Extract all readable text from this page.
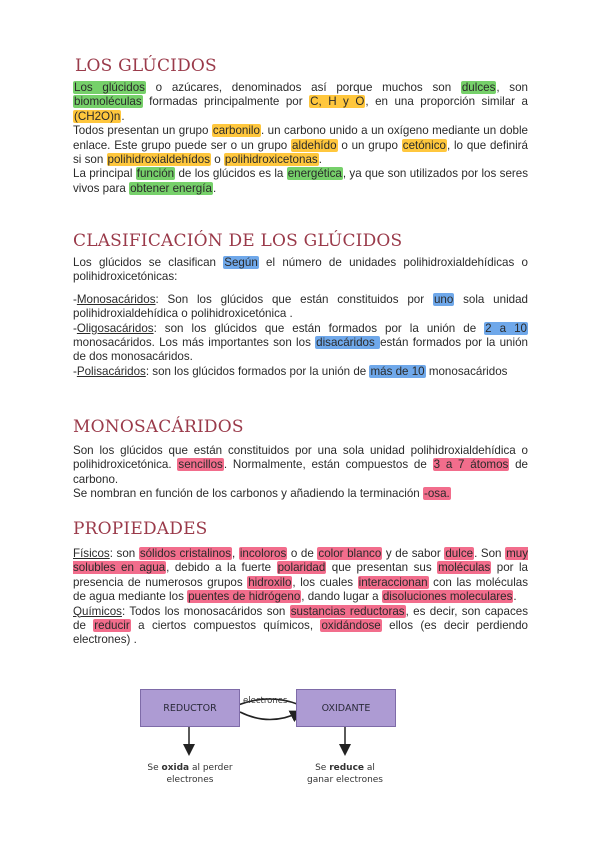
LOS GLÚCIDOS

Los glúcidos o azúcares, denominados así porque muchos son dulces, son biomoléculas formadas principalmente por C, H y O, en una proporción similar a (CH2O)n.

Todos presentan un grupo carbonilo. un carbono unido a un oxígeno mediante un doble enlace. Este grupo puede ser o un grupo aldehído o un grupo cetónico, lo que definirá si son polihidroxialdehídos o polihidroxicetonas.

La principal función de los glúcidos es la energética, ya que son utilizados por los seres vivos para obtener energía.

CLASIFICACIÓN DE LOS GLÚCIDOS

Los glúcidos se clasifican Según el número de unidades polihidroxialdehídicas o polihidroxicetónicas:

-Monosacáridos: Son los glúcidos que están constituidos por uno sola unidad polihidroxialdehídica o polihidroxicetónica .

-Oligosacáridos: son los glúcidos que están formados por la unión de 2 a 10 monosacáridos. Los más importantes son los disacáridos están formados por la unión de dos monosacáridos.

-Polisacáridos: son los glúcidos formados por la unión de más de 10 monosacáridos

MONOSACÁRIDOS

Son los glúcidos que están constituidos por una sola unidad polihidroxialdehídica o polihidroxicetónica. sencillos. Normalmente, están compuestos de 3 a 7 átomos de carbono.

Se nombran en función de los carbonos y añadiendo la terminación -osa.

PROPIEDADES

Físicos: son sólidos cristalinos, incoloros o de color blanco y de sabor dulce. Son muy solubles en agua, debido a la fuerte polaridad que presentan sus moléculas por la presencia de numerosos grupos hidroxilo, los cuales interaccionan con las moléculas de agua mediante los puentes de hidrógeno, dando lugar a disoluciones moleculares.

Químicos: Todos los monosacáridos son sustancias reductoras, es decir, son capaces de reducir a ciertos compuestos químicos, oxidándose ellos (es decir perdiendo electrones) .

REDUCTOR	OXIDANTE
electrones
Se oxida al perder
electrones
Se reduce al
ganar electrones
